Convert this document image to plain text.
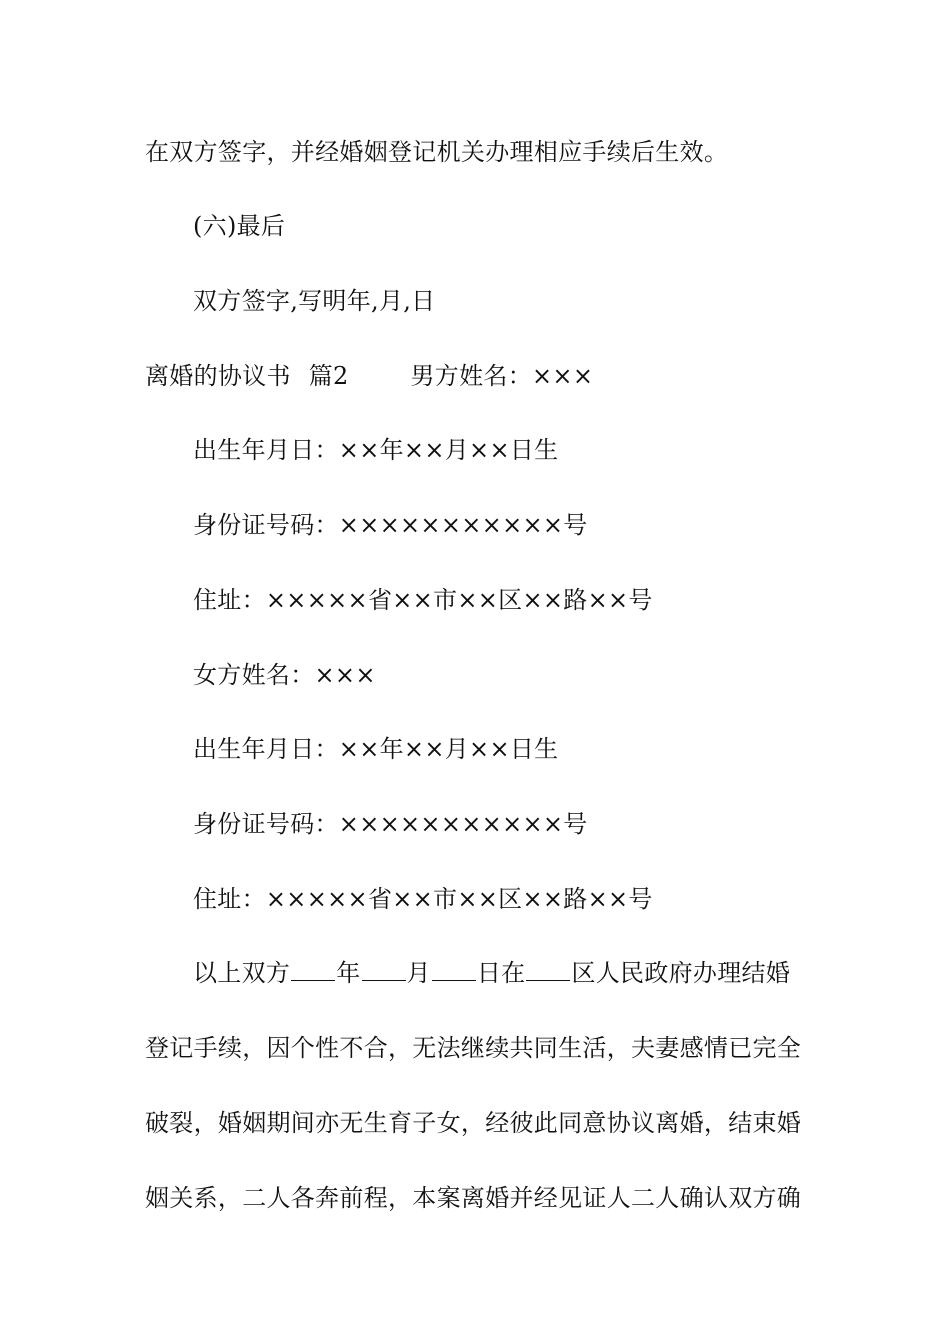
在双方签字，并经婚姻登记机关办理相应手续后生效。
(六)最后
双方签字,写明年,月,日
离婚的协议书 篇2	男方姓名：×××
出生年月日：××年××月××日生
身份证号码：×××××××××××号
住址：×××××省××市××区××路××号
女方姓名：×××
出生年月日：××年××月××日生
身份证号码：×××××××××××号
住址：×××××省××市××区××路××号
以上双方 年 月 日在 区人民政府办理结婚
登记手续，因个性不合，无法继续共同生活，夫妻感情已完全
破裂，婚姻期间亦无生育子女，经彼此同意协议离婚，结束婚
姻关系，二人各奔前程，本案离婚并经见证人二人确认双方确
